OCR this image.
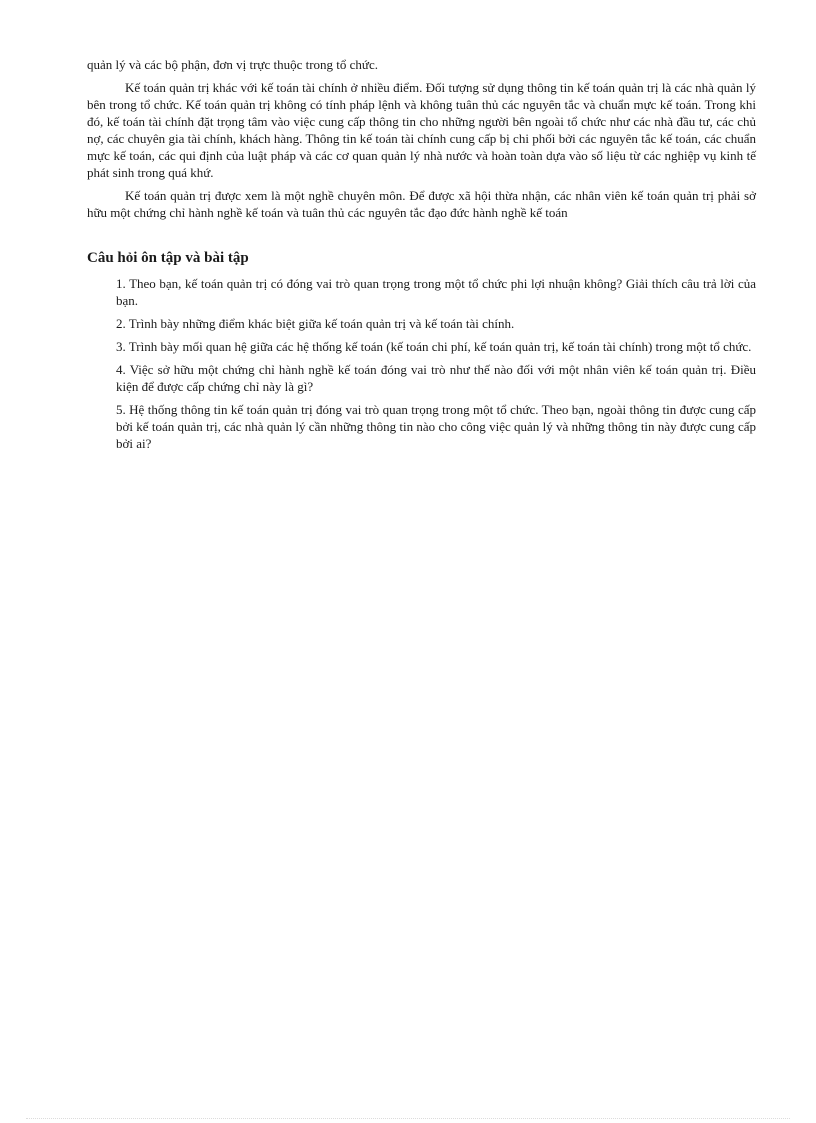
quản lý và các bộ phận, đơn vị trực thuộc trong tổ chức.

Kế toán quản trị khác với kế toán tài chính ở nhiều điểm. Đối tượng sử dụng thông tin kế toán quản trị là các nhà quản lý bên trong tổ chức. Kế toán quản trị không có tính pháp lệnh và không tuân thủ các nguyên tắc và chuẩn mực kế toán. Trong khi đó, kế toán tài chính đặt trọng tâm vào việc cung cấp thông tin cho những người bên ngoài tổ chức như các nhà đầu tư, các chủ nợ, các chuyên gia tài chính, khách hàng. Thông tin kế toán tài chính cung cấp bị chi phối bởi các nguyên tắc kế toán, các chuẩn mực kế toán, các qui định của luật pháp và các cơ quan quản lý nhà nước và hoàn toàn dựa vào số liệu từ các nghiệp vụ kinh tế phát sinh trong quá khứ.

Kế toán quản trị được xem là một nghề chuyên môn. Để được xã hội thừa nhận, các nhân viên kế toán quản trị phải sở hữu một chứng chỉ hành nghề kế toán và tuân thủ các nguyên tắc đạo đức hành nghề kế toán

Câu hỏi ôn tập và bài tập
1. Theo bạn, kế toán quản trị có đóng vai trò quan trọng trong một tổ chức phi lợi nhuận không? Giải thích câu trả lời của bạn.
2. Trình bày những điểm khác biệt giữa kế toán quản trị và kế toán tài chính.
3. Trình bày mối quan hệ giữa các hệ thống kế toán (kế toán chi phí, kế toán quản trị, kế toán tài chính) trong một tổ chức.
4. Việc sở hữu một chứng chỉ hành nghề kế toán đóng vai trò như thế nào đối với một nhân viên kế toán quản trị. Điều kiện để được cấp chứng chỉ này là gì?
5. Hệ thống thông tin kế toán quản trị đóng vai trò quan trọng trong một tổ chức. Theo bạn, ngoài thông tin được cung cấp bởi kế toán quản trị, các nhà quản lý cần những thông tin nào cho công việc quản lý và những thông tin này được cung cấp bởi ai?
